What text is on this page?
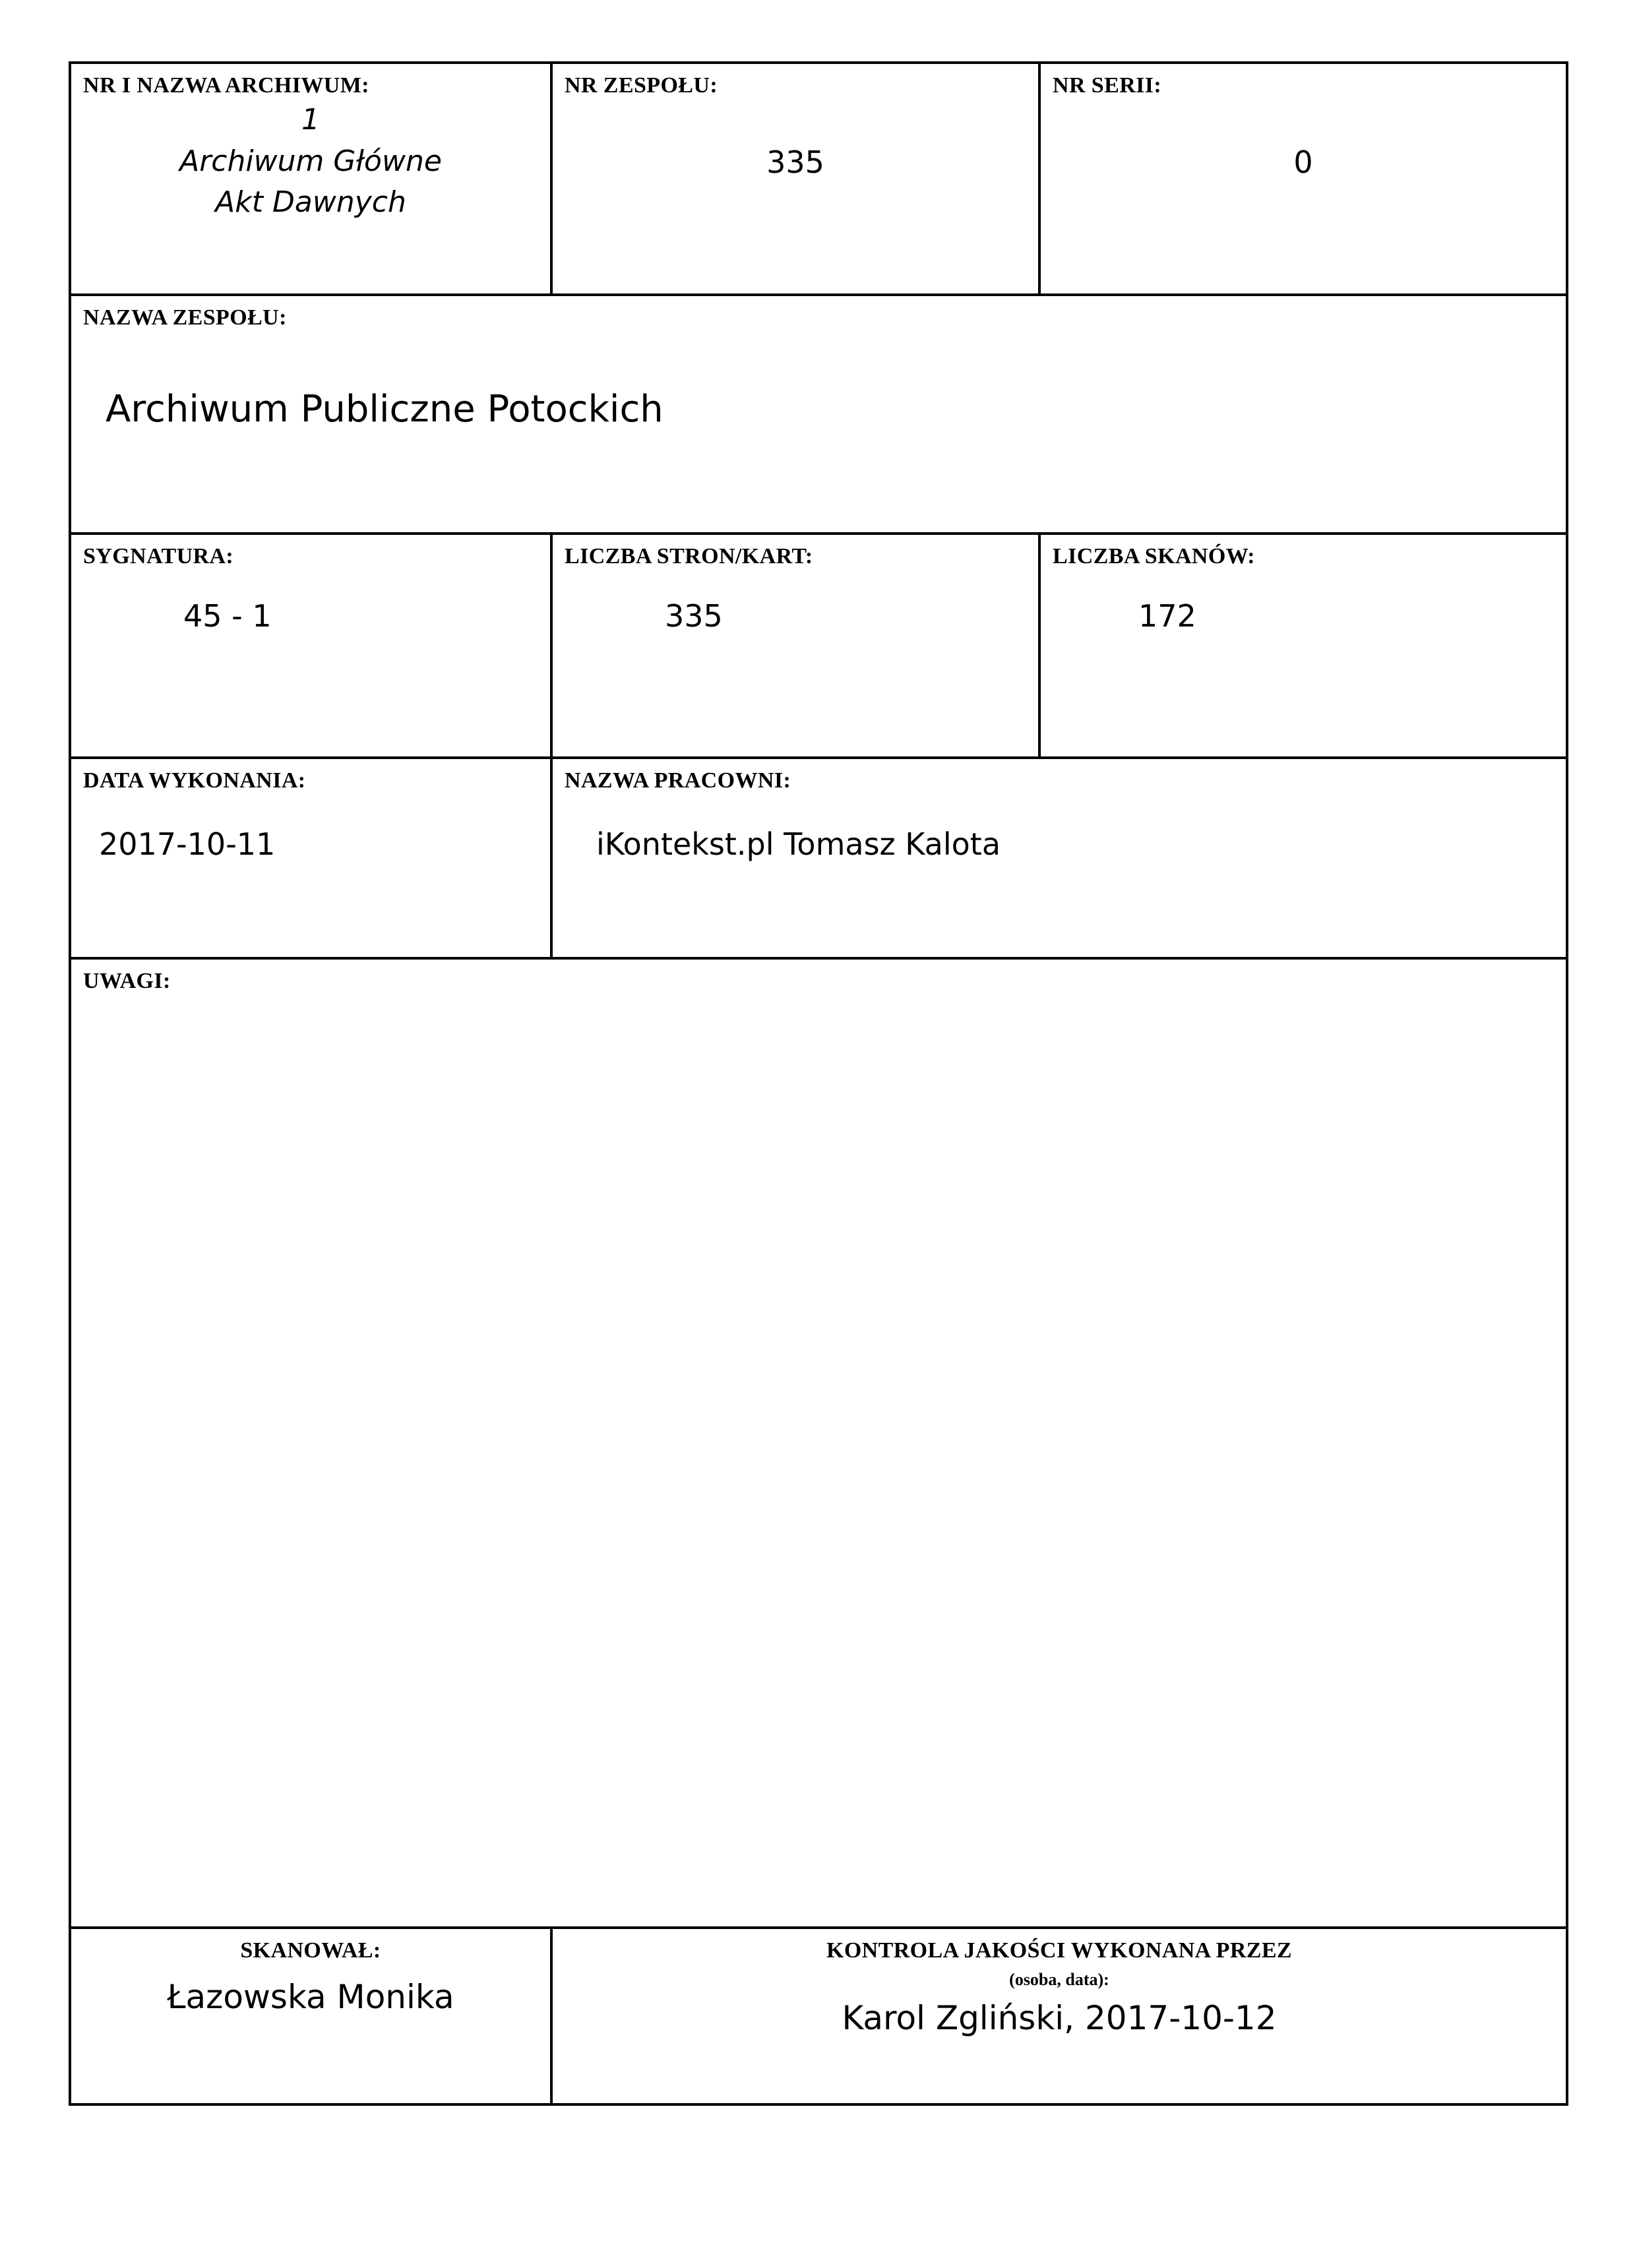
NR I NAZWA ARCHIWUM:
1
Archiwum Główne
Akt Dawnych

NR ZESPOŁU:
335

NR SERII:
0

NAZWA ZESPOŁU:
Archiwum Publiczne Potockich		

SYGNATURA:
45 - 1	LICZBA STRON/KART:
335	LICZBA SKANÓW:
172

DATA WYKONANIA:
2017-10-11	NAZWA PRACOWNI:
iKontekst.pl Tomasz Kalota	

UWAGI:		

SKANOWAŁ:
Łazowska Monika	KONTROLA JAKOŚCI WYKONANA PRZEZ
(osoba, data):
Karol Zgliński, 2017-10-12	
